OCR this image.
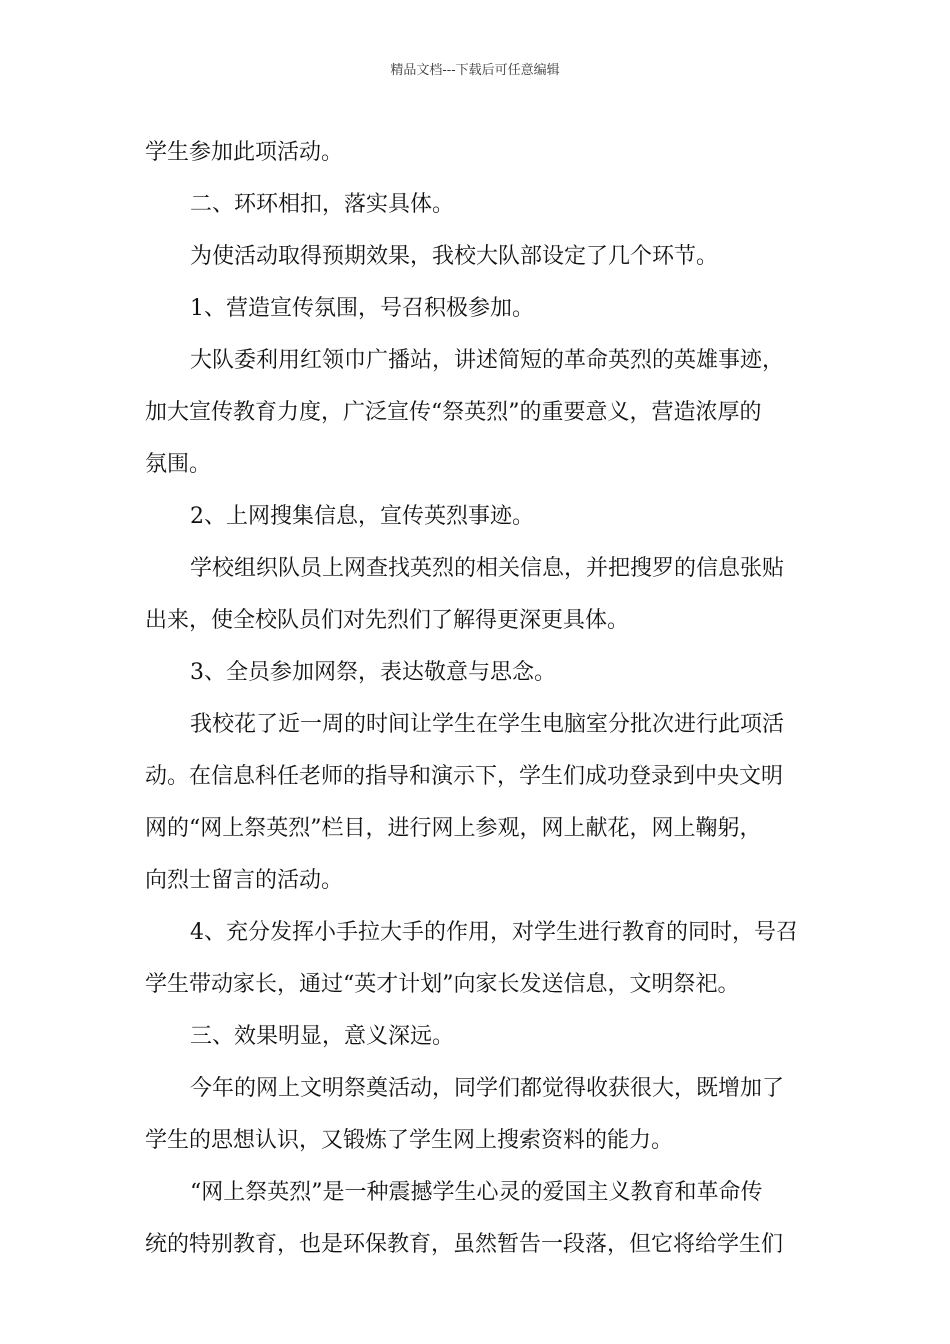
精品文档---下载后可任意编辑
学生参加此项活动。
二、环环相扣，落实具体。
为使活动取得预期效果，我校大队部设定了几个环节。
1、营造宣传氛围，号召积极参加。
大队委利用红领巾广播站，讲述简短的革命英烈的英雄事迹，
加大宣传教育力度，广泛宣传“祭英烈”的重要意义，营造浓厚的
氛围。
2、上网搜集信息，宣传英烈事迹。
学校组织队员上网查找英烈的相关信息，并把搜罗的信息张贴
出来，使全校队员们对先烈们了解得更深更具体。
3、全员参加网祭，表达敬意与思念。
我校花了近一周的时间让学生在学生电脑室分批次进行此项活
动。在信息科任老师的指导和演示下，学生们成功登录到中央文明
网的“网上祭英烈”栏目，进行网上参观，网上献花，网上鞠躬，
向烈士留言的活动。
4、充分发挥小手拉大手的作用，对学生进行教育的同时，号召
学生带动家长，通过“英才计划”向家长发送信息，文明祭祀。
三、效果明显，意义深远。
今年的网上文明祭奠活动，同学们都觉得收获很大，既增加了
学生的思想认识，又锻炼了学生网上搜索资料的能力。
“网上祭英烈”是一种震撼学生心灵的爱国主义教育和革命传
统的特别教育，也是环保教育，虽然暂告一段落，但它将给学生们
